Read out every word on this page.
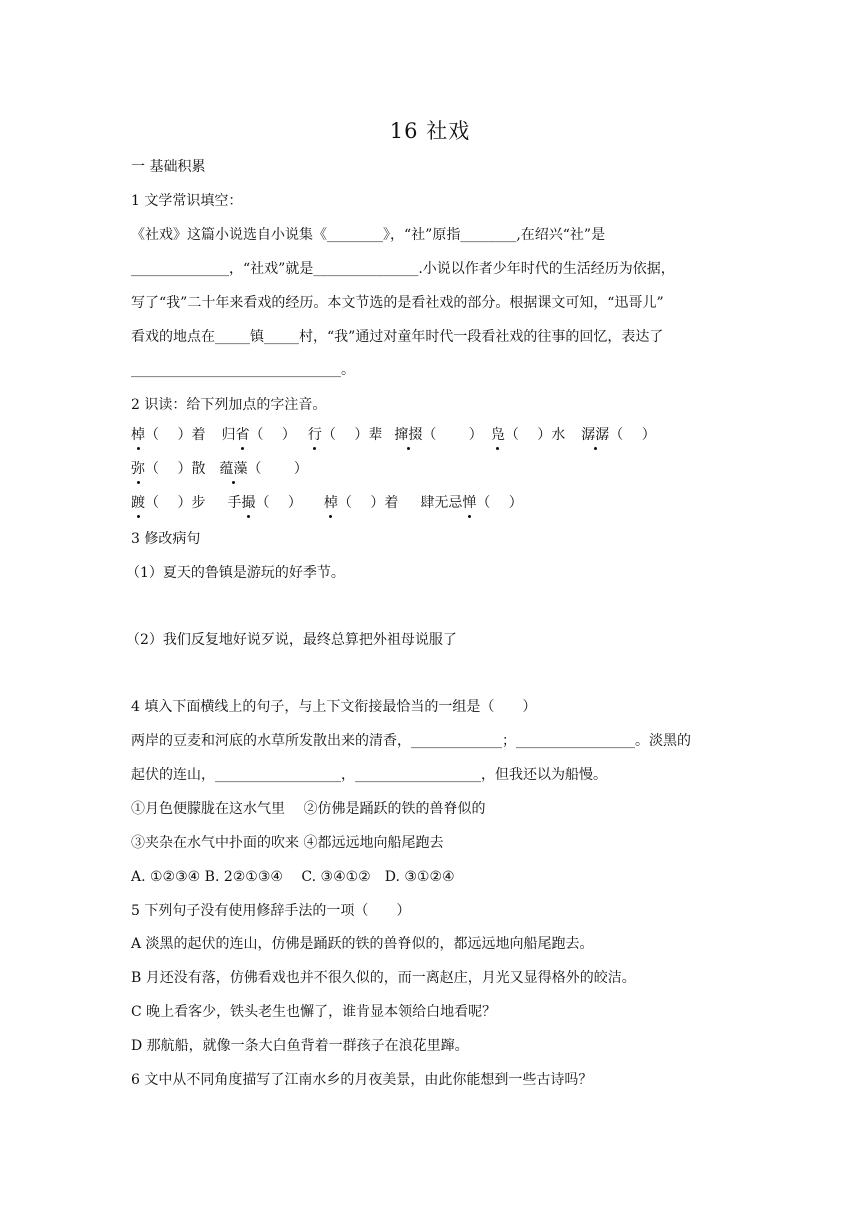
16 社戏
一 基础积累
1 文学常识填空：
《社戏》这篇小说选自小说集《________》，“社”原指________,在绍兴“社”是
______________，“社戏”就是_______________.小说以作者少年时代的生活经历为依据，
写了“我”二十年来看戏的经历。本文节选的是看社戏的部分。根据课文可知，“迅哥儿”
看戏的地点在_____镇_____村，“我”通过对童年时代一段看社戏的往事的回忆，表达了
______________________________。
2 识读：给下列加点的字注音。
棹（　 ）着 归省（　 ） 行（　 ）辈 撺掇（　　 ） 凫（　 ）水 潺潺（　 ）
弥（　 ）散 蕴藻（　　 ）
踱（　 ）步 手撮（　 ） 棹（　 ）着 肆无忌惮（　 ）
3 修改病句
（1）夏天的鲁镇是游玩的好季节。
（2）我们反复地好说歹说，最终总算把外祖母说服了
4 填入下面横线上的句子，与上下文衔接最恰当的一组是（　　）
两岸的豆麦和河底的水草所发散出来的清香，_____________；_________________。淡黑的
起伏的连山，__________________，__________________，但我还以为船慢。
①月色便朦胧在这水气里　 ②仿佛是踊跃的铁的兽脊似的
③夹杂在水气中扑面的吹来 ④都远远地向船尾跑去
A. ①②③④ B. 2②①③④　 C. ③④①②　D. ③①②④
5 下列句子没有使用修辞手法的一项（　　）
A 淡黑的起伏的连山，仿佛是踊跃的铁的兽脊似的，都远远地向船尾跑去。
B 月还没有落，仿佛看戏也并不很久似的，而一离赵庄，月光又显得格外的皎洁。
C 晚上看客少，铁头老生也懈了，谁肯显本领给白地看呢？
D 那航船，就像一条大白鱼背着一群孩子在浪花里蹿。
6 文中从不同角度描写了江南水乡的月夜美景，由此你能想到一些古诗吗？
